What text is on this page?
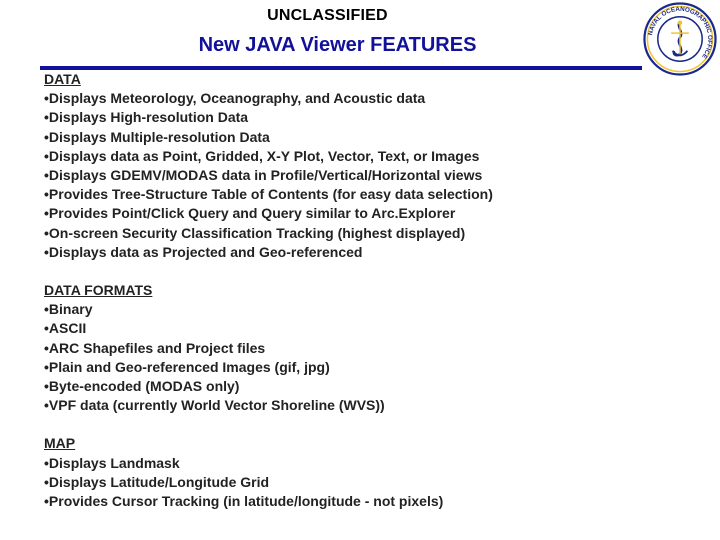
UNCLASSIFIED
New JAVA Viewer FEATURES
NAVAL OCEANOGRAPHIC OFFICE
DATA
• Displays Meteorology, Oceanography, and Acoustic data
• Displays High-resolution Data
• Displays Multiple-resolution Data
• Displays data as Point, Gridded, X-Y Plot, Vector, Text, or Images
• Displays GDEMV/MODAS data in Profile/Vertical/Horizontal views
• Provides Tree-Structure Table of Contents (for easy data selection)
• Provides Point/Click Query and Query similar to Arc.Explorer
• On-screen Security Classification Tracking (highest displayed)
• Displays data as Projected and Geo-referenced
DATA FORMATS
• Binary
• ASCII
• ARC Shapefiles and Project files
• Plain and Geo-referenced Images (gif, jpg)
• Byte-encoded (MODAS only)
• VPF data (currently World Vector Shoreline (WVS))
MAP
• Displays Landmask
• Displays Latitude/Longitude Grid
• Provides Cursor Tracking (in latitude/longitude - not pixels)
